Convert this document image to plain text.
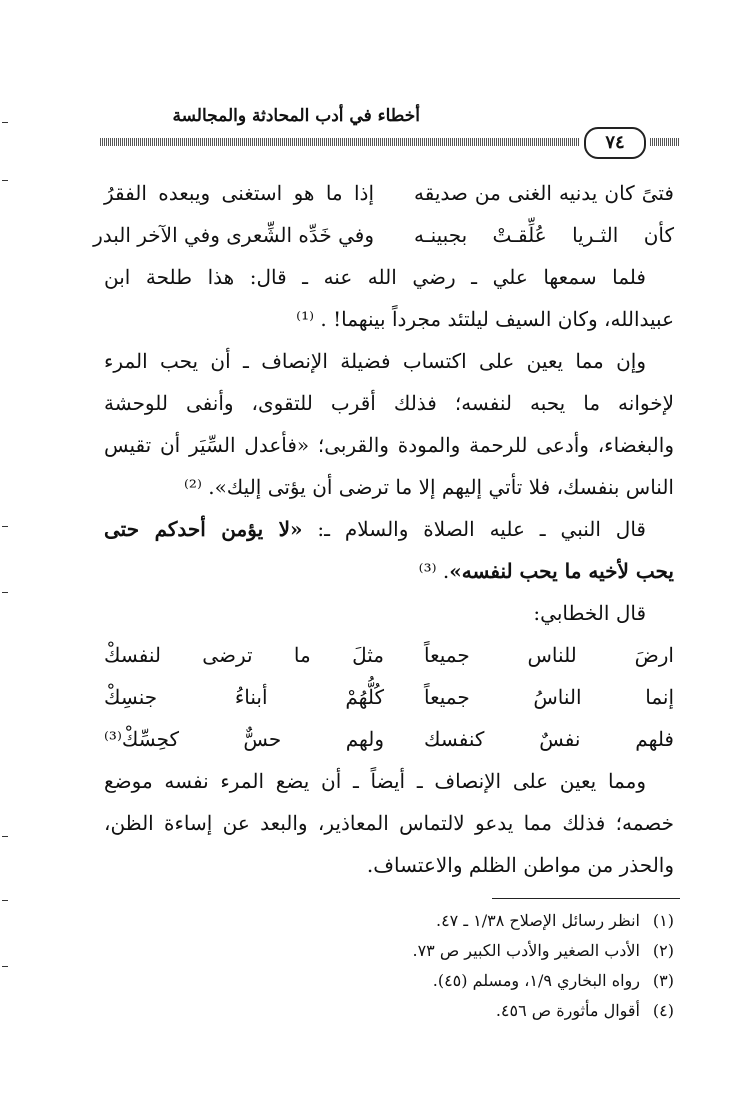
أخطاء في أدب المحادثة والمجالسة
٧٤
فتىً كان يدنيه الغنى من صديقه
إذا ما هو استغنى ويبعده الفقرُ
كأن الثـريا عُلِّقـتْ بجبينـه
وفي خَدِّه الشِّعرى وفي الآخر البدر
فلما سمعها علي ـ رضي الله عنه ـ قال: هذا طلحة ابن
عبيدالله، وكان السيف ليلتئد مجرداً بينهما! . ⁽¹⁾
وإن مما يعين على اكتساب فضيلة الإنصاف ـ أن يحب المرء
لإخوانه ما يحبه لنفسه؛ فذلك أقرب للتقوى، وأنفى للوحشة
والبغضاء، وأدعى للرحمة والمودة والقربى؛ «فأعدل السِّيَر أن تقيس
الناس بنفسك، فلا تأتي إليهم إلا ما ترضى أن يؤتى إليك». ⁽²⁾
قال النبي ـ عليه الصلاة والسلام ـ: «لا يؤمن أحدكم حتى
يحب لأخيه ما يحب لنفسه». ⁽³⁾
قال الخطابي:
ارضَ للناس جميعاً
مثلَ ما ترضى لنفسكْ
إنما الناسُ جميعاً
كُلُّهُمْ أبناءُ جنسِكْ
فلهم نفسٌ كنفسك
ولهم حسٌّ كحِسِّكْ⁽³⁾
ومما يعين على الإنصاف ـ أيضاً ـ أن يضع المرء نفسه موضع
خصمه؛ فذلك مما يدعو لالتماس المعاذير، والبعد عن إساءة الظن،
والحذر من مواطن الظلم والاعتساف.
(١)انظر رسائل الإصلاح ١/٣٨ ـ ٤٧.
(٢)الأدب الصغير والأدب الكبير ص ٧٣.
(٣)رواه البخاري ١/٩، ومسلم (٤٥).
(٤)أقوال مأثورة ص ٤٥٦.
